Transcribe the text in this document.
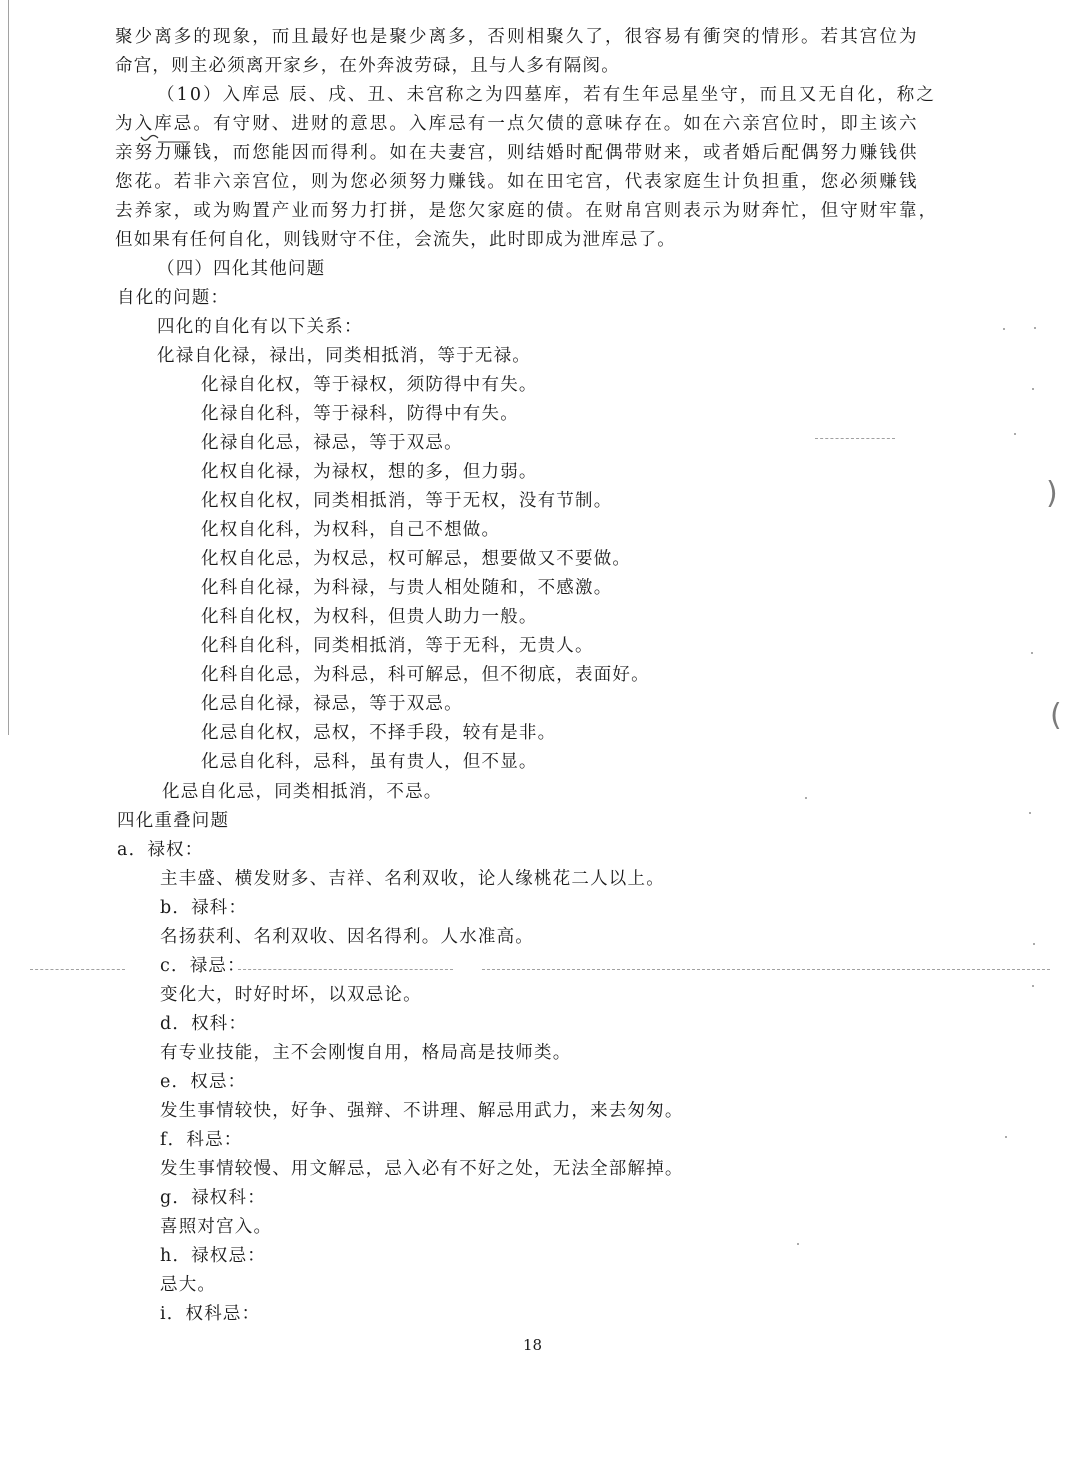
聚少离多的现象，而且最好也是聚少离多，否则相聚久了，很容易有衝突的情形。若其宫位为
命宫，则主必须离开家乡，在外奔波劳碌，且与人多有隔阂。
（10）入库忌 辰、戌、丑、未宫称之为四墓库，若有生年忌星坐守，而且又无自化，称之
为入库忌。有守财、进财的意思。入库忌有一点欠债的意味存在。如在六亲宫位时，即主该六
亲努力赚钱，而您能因而得利。如在夫妻宫，则结婚时配偶带财来，或者婚后配偶努力赚钱供
您花。若非六亲宫位，则为您必须努力赚钱。如在田宅宫，代表家庭生计负担重，您必须赚钱
去养家，或为购置产业而努力打拼，是您欠家庭的债。在财帛宫则表示为财奔忙，但守财牢靠，
但如果有任何自化，则钱财守不住，会流失，此时即成为泄库忌了。
（四）四化其他问题
自化的问题：
四化的自化有以下关系：
化禄自化禄，禄出，同类相抵消，等于无禄。
化禄自化权，等于禄权，须防得中有失。
化禄自化科，等于禄科，防得中有失。
化禄自化忌，禄忌，等于双忌。
化权自化禄，为禄权，想的多，但力弱。
化权自化权，同类相抵消，等于无权，没有节制。
化权自化科，为权科，自己不想做。
化权自化忌，为权忌，权可解忌，想要做又不要做。
化科自化禄，为科禄，与贵人相处随和，不感激。
化科自化权，为权科，但贵人助力一般。
化科自化科，同类相抵消，等于无科，无贵人。
化科自化忌，为科忌，科可解忌，但不彻底，表面好。
化忌自化禄，禄忌，等于双忌。
化忌自化权，忌权，不择手段，较有是非。
化忌自化科，忌科，虽有贵人，但不显。
化忌自化忌，同类相抵消，不忌。
四化重叠问题
a．禄权：
主丰盛、横发财多、吉祥、名利双收，论人缘桃花二人以上。
b．禄科：
名扬获利、名利双收、因名得利。人水准高。
c．禄忌：
变化大，时好时坏，以双忌论。
d．权科：
有专业技能，主不会刚愎自用，格局高是技师类。
e．权忌：
发生事情较快，好争、强辩、不讲理、解忌用武力，来去匆匆。
f．科忌：
发生事情较慢、用文解忌，忌入必有不好之处，无法全部解掉。
g．禄权科：
喜照对宫入。
h．禄权忌：
忌大。
i．权科忌：
18
)
(
